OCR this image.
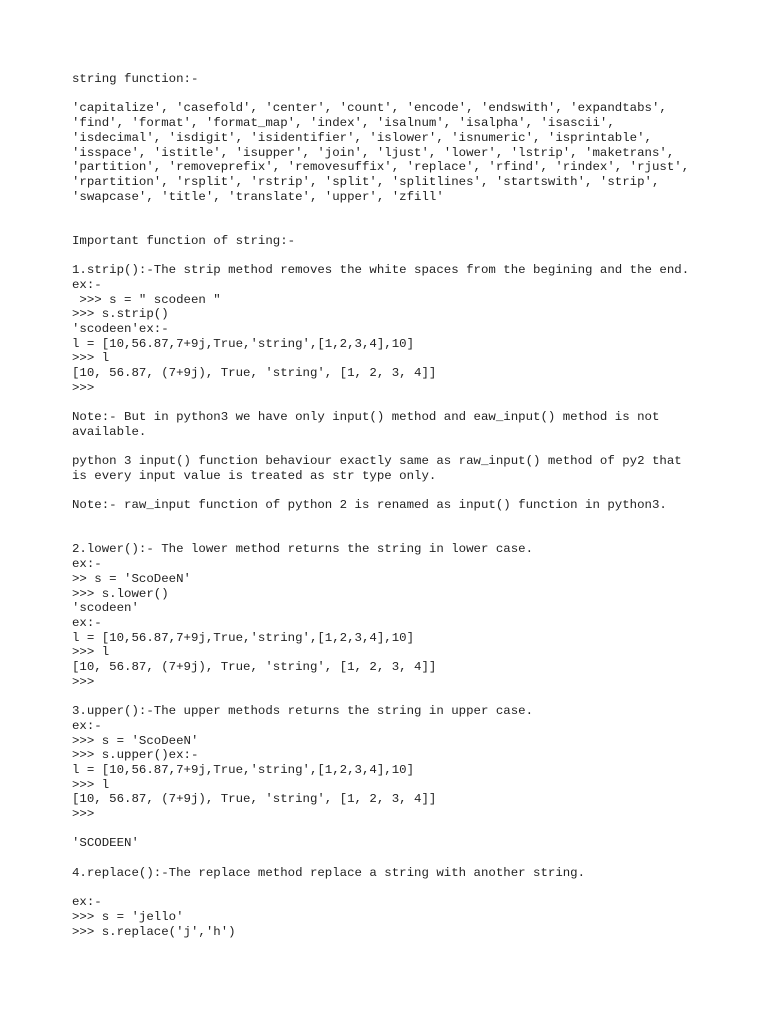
string function:-
'capitalize', 'casefold', 'center', 'count', 'encode', 'endswith', 'expandtabs',
'find', 'format', 'format_map', 'index', 'isalnum', 'isalpha', 'isascii',
'isdecimal', 'isdigit', 'isidentifier', 'islower', 'isnumeric', 'isprintable',
'isspace', 'istitle', 'isupper', 'join', 'ljust', 'lower', 'lstrip', 'maketrans',
'partition', 'removeprefix', 'removesuffix', 'replace', 'rfind', 'rindex', 'rjust',
'rpartition', 'rsplit', 'rstrip', 'split', 'splitlines', 'startswith', 'strip',
'swapcase', 'title', 'translate', 'upper', 'zfill'
Important function of string:-
1.strip():-The strip method removes the white spaces from the begining and the end.
ex:-
>>> s = " scodeen "
>>> s.strip()
'scodeen'ex:-
l = [10,56.87,7+9j,True,'string',[1,2,3,4],10]
>>> l
[10, 56.87, (7+9j), True, 'string', [1, 2, 3, 4]]
>>>
Note:- But in python3 we have only input() method and eaw_input() method is not
available.
python 3 input() function behaviour exactly same as raw_input() method of py2 that
is every input value is treated as str type only.
Note:- raw_input function of python 2 is renamed as input() function in python3.
2.lower():- The lower method returns the string in lower case.
ex:-
>> s = 'ScoDeeN'
>>> s.lower()
'scodeen'
ex:-
l = [10,56.87,7+9j,True,'string',[1,2,3,4],10]
>>> l
[10, 56.87, (7+9j), True, 'string', [1, 2, 3, 4]]
>>>
3.upper():-The upper methods returns the string in upper case.
ex:-
>>> s = 'ScoDeeN'
>>> s.upper()ex:-
l = [10,56.87,7+9j,True,'string',[1,2,3,4],10]
>>> l
[10, 56.87, (7+9j), True, 'string', [1, 2, 3, 4]]
>>>
'SCODEEN'
4.replace():-The replace method replace a string with another string.
ex:-
>>> s = 'jello'
>>> s.replace('j','h')
